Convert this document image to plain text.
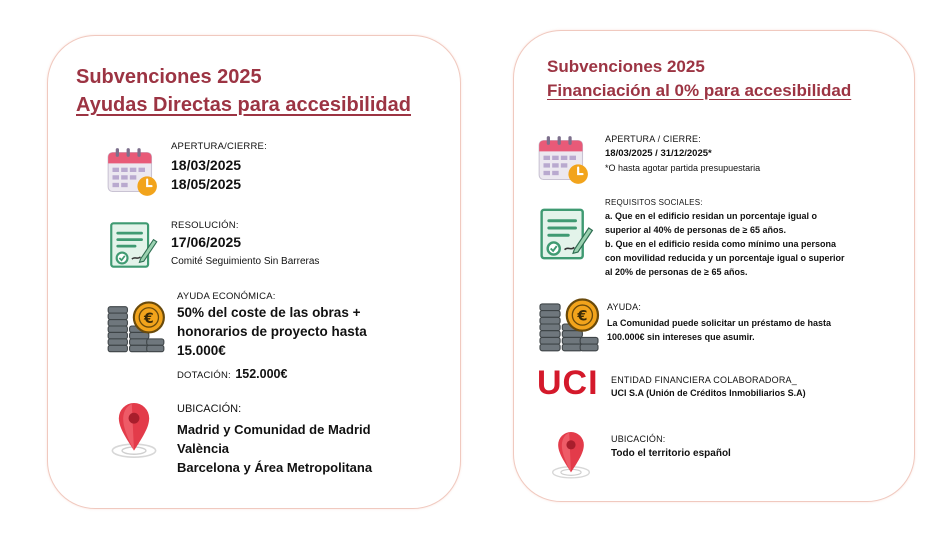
Subvenciones 2025
Ayudas Directas para accesibilidad
APERTURA/CIERRE:
18/03/2025
18/05/2025
RESOLUCIÓN:
17/06/2025
Comité Seguimiento Sin Barreras
AYUDA ECONÓMICA:
50% del coste de las obras +
honorarios de proyecto hasta
15.000€
DOTACIÓN: 152.000€
UBICACIÓN:
Madrid y Comunidad de Madrid
València
Barcelona y Área Metropolitana
Subvenciones 2025
Financiación al 0% para accesibilidad
APERTURA / CIERRE:
18/03/2025 / 31/12/2025*
*O hasta agotar partida presupuestaria
REQUISITOS SOCIALES:
a. Que en el edificio residan un porcentaje igual o
superior al 40% de personas de ≥ 65 años.
b. Que en el edificio resida como mínimo una persona
con movilidad reducida y un porcentaje igual o superior
al 20% de personas de ≥ 65 años.
AYUDA:
La Comunidad puede solicitar un préstamo de hasta
100.000€ sin intereses que asumir.
UCI ENTIDAD FINANCIERA COLABORADORA_
UCI S.A (Unión de Créditos Inmobiliarios S.A)
UBICACIÓN:
Todo el territorio español
